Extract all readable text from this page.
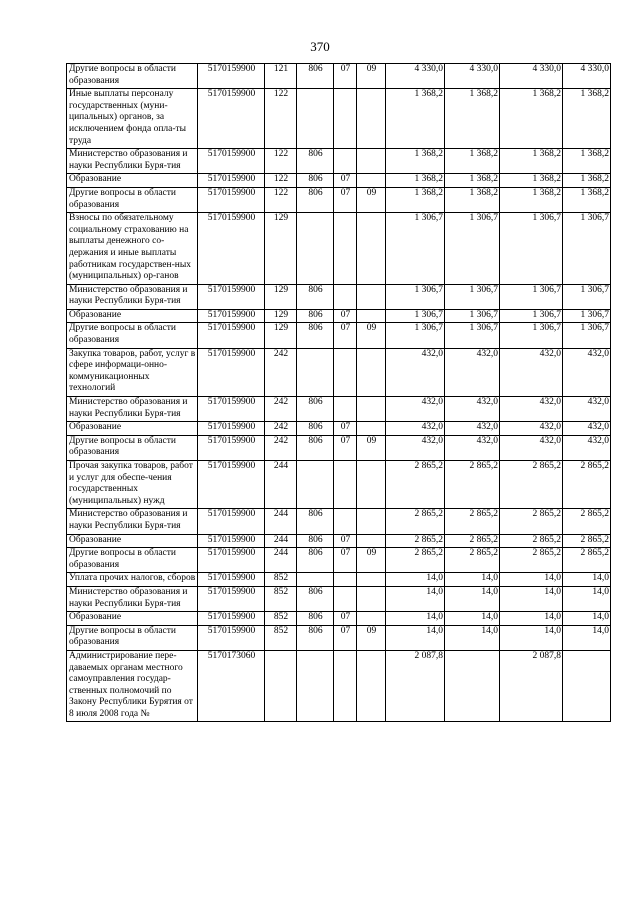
370
Другие вопросы в области образования	5170159900	121	806	07	09	4 330,0	4 330,0	4 330,0	4 330,0
Иные выплаты персоналу государственных (муни-ципальных) органов, за исключением фонда опла-ты труда	5170159900	122				1 368,2	1 368,2	1 368,2	1 368,2
Министерство образования и науки Республики Буря-тия	5170159900	122	806			1 368,2	1 368,2	1 368,2	1 368,2
Образование	5170159900	122	806	07		1 368,2	1 368,2	1 368,2	1 368,2
Другие вопросы в области образования	5170159900	122	806	07	09	1 368,2	1 368,2	1 368,2	1 368,2
Взносы по обязательному социальному страхованию на выплаты денежного со-держания и иные выплаты работникам государствен-ных (муниципальных) ор-ганов	5170159900	129				1 306,7	1 306,7	1 306,7	1 306,7
Министерство образования и науки Республики Буря-тия	5170159900	129	806			1 306,7	1 306,7	1 306,7	1 306,7
Образование	5170159900	129	806	07		1 306,7	1 306,7	1 306,7	1 306,7
Другие вопросы в области образования	5170159900	129	806	07	09	1 306,7	1 306,7	1 306,7	1 306,7
Закупка товаров, работ, услуг в сфере информаци-онно-коммуникационных технологий	5170159900	242				432,0	432,0	432,0	432,0
Министерство образования и науки Республики Буря-тия	5170159900	242	806			432,0	432,0	432,0	432,0
Образование	5170159900	242	806	07		432,0	432,0	432,0	432,0
Другие вопросы в области образования	5170159900	242	806	07	09	432,0	432,0	432,0	432,0
Прочая закупка товаров, работ и услуг для обеспе-чения государственных (муниципальных) нужд	5170159900	244				2 865,2	2 865,2	2 865,2	2 865,2
Министерство образования и науки Республики Буря-тия	5170159900	244	806			2 865,2	2 865,2	2 865,2	2 865,2
Образование	5170159900	244	806	07		2 865,2	2 865,2	2 865,2	2 865,2
Другие вопросы в области образования	5170159900	244	806	07	09	2 865,2	2 865,2	2 865,2	2 865,2
Уплата прочих налогов, сборов	5170159900	852				14,0	14,0	14,0	14,0
Министерство образования и науки Республики Буря-тия	5170159900	852	806			14,0	14,0	14,0	14,0
Образование	5170159900	852	806	07		14,0	14,0	14,0	14,0
Другие вопросы в области образования	5170159900	852	806	07	09	14,0	14,0	14,0	14,0
Администрирование пере-даваемых органам местного самоуправления государ-ственных полномочий по Закону Республики Бурятия от 8 июля 2008 года №	5170173060					2 087,8		2 087,8	
